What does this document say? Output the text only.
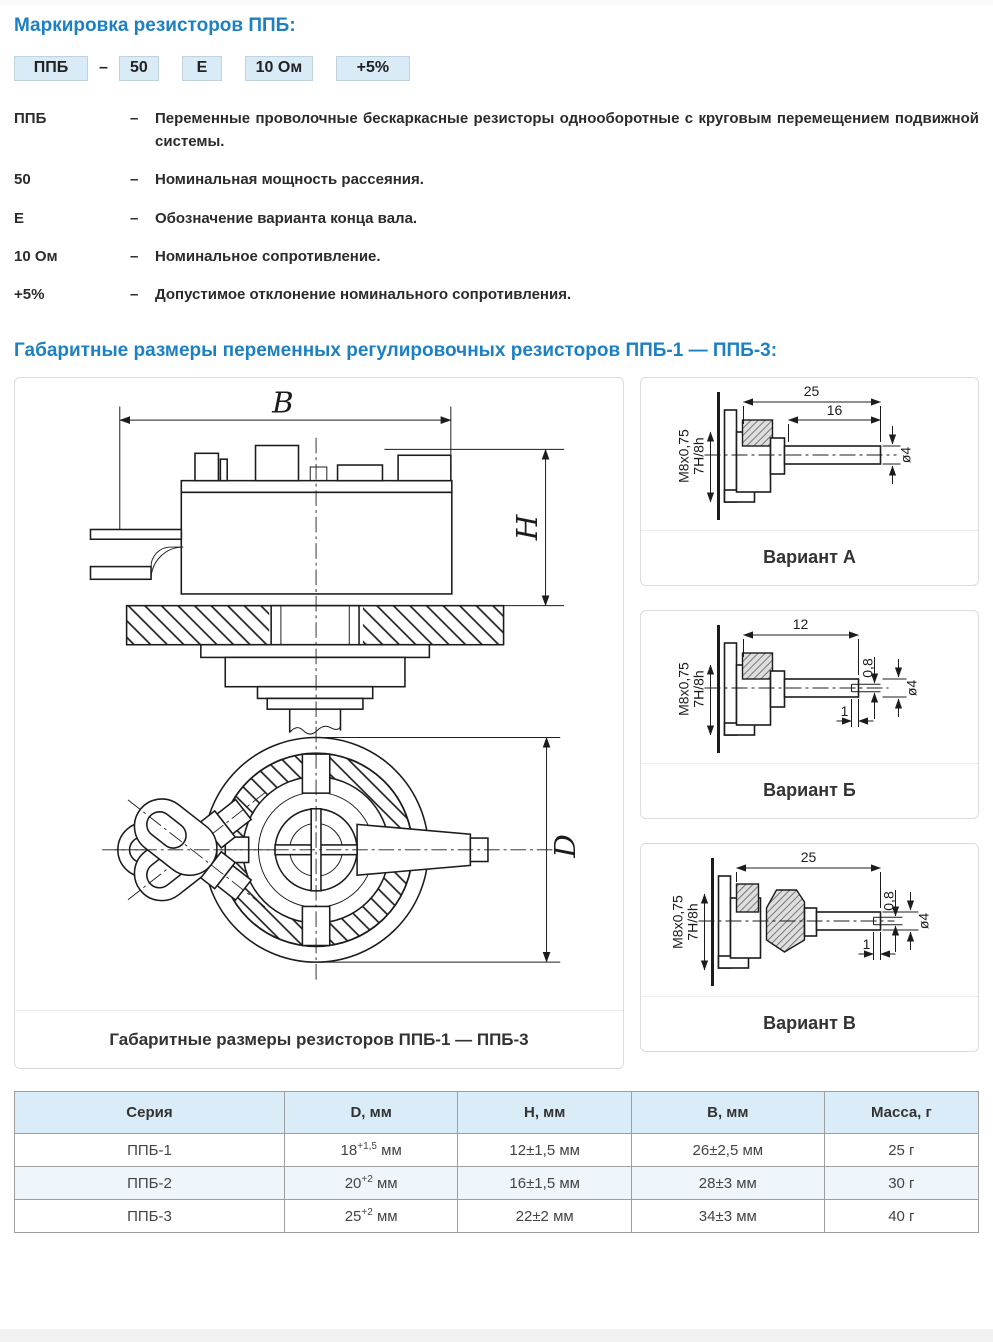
Маркировка резисторов ППБ:
ППБ	–	50	Е	10 Ом	+5%
ППБ	–	Переменные проволочные бескаркасные резисторы однооборотные с круговым перемещением подвижной системы.
50	–	Номинальная мощность рассеяния.
Е	–	Обозначение варианта конца вала.
10 Ом	–	Номинальное сопротивление.
+5%	–	Допустимое отклонение номинального сопротивления.
Габаритные размеры переменных регулировочных резисторов ППБ-1 — ППБ-3:
B
H
D
Габаритные размеры резисторов ППБ-1 — ППБ-3
25
16
ø4
M8x0,75 7H/8h
Вариант А
12
0,8
ø4
1
M8x0,75 7H/8h
Вариант Б
25
0,8
ø4
1
M8x0,75 7H/8h
Вариант В
Серия	D, мм	H, мм	B, мм	Масса, г
ППБ-1	$18^{+1,5}$ мм	12±1,5 мм	26±2,5 мм	25 г
ППБ-2	$20^{+2}$ мм	16±1,5 мм	28±3 мм	30 г
ППБ-3	$25^{+2}$ мм	22±2 мм	34±3 мм	40 г
